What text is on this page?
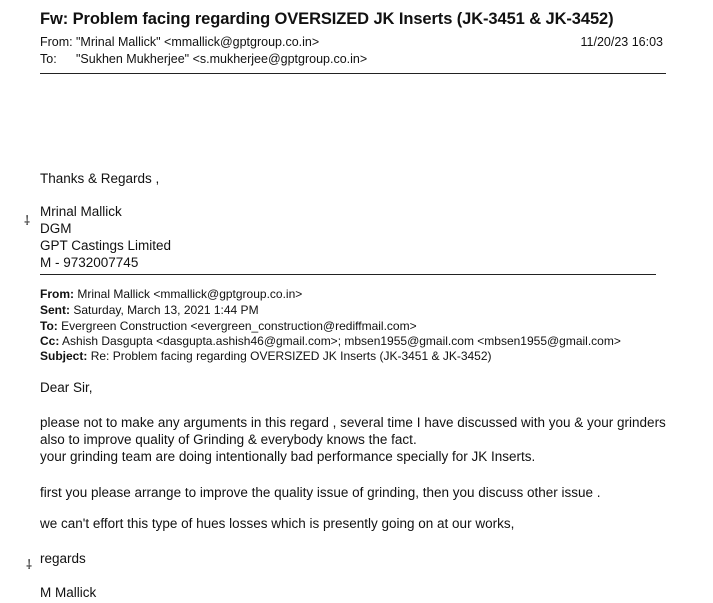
Fw: Problem facing regarding OVERSIZED JK Inserts (JK-3451 & JK-3452)
From: "Mrinal Mallick" <mmallick@gptgroup.co.in>	11/20/23 16:03
To: "Sukhen Mukherjee" <s.mukherjee@gptgroup.co.in>
Thanks & Regards ,
⸸
Mrinal Mallick
DGM
GPT Castings Limited
M - 9732007745
From: Mrinal Mallick <mmallick@gptgroup.co.in>
Sent: Saturday, March 13, 2021 1:44 PM
To: Evergreen Construction <evergreen_construction@rediffmail.com>
Cc: Ashish Dasgupta <dasgupta.ashish46@gmail.com>; mbsen1955@gmail.com <mbsen1955@gmail.com>
Subject: Re: Problem facing regarding OVERSIZED JK Inserts (JK-3451 & JK-3452)
Dear Sir,
please not to make any arguments in this regard , several time I have discussed with you & your grinders
also to improve quality of Grinding & everybody knows the fact.
your grinding team are doing intentionally bad performance specially for JK Inserts.
first you please arrange to improve the quality issue of grinding, then you discuss other issue .
we can't effort this type of hues losses which is presently going on at our works,
⸸ regards
M Mallick
